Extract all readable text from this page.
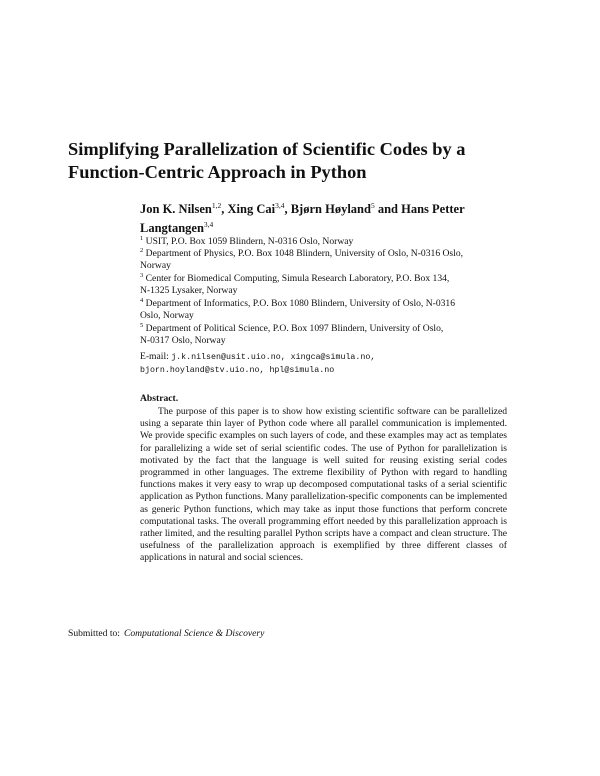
Simplifying Parallelization of Scientific Codes by a
Function-Centric Approach in Python
Jon K. Nilsen$^{1,2}$, Xing Cai$^{3,4}$, Bjørn Høyland$^5$ and Hans Petter Langtangen$^{3,4}$
$^1$ USIT, P.O. Box 1059 Blindern, N-0316 Oslo, Norway
$^2$ Department of Physics, P.O. Box 1048 Blindern, University of Oslo, N-0316 Oslo,
Norway
$^3$ Center for Biomedical Computing, Simula Research Laboratory, P.O. Box 134,
N-1325 Lysaker, Norway
$^4$ Department of Informatics, P.O. Box 1080 Blindern, University of Oslo, N-0316
Oslo, Norway
$^5$ Department of Political Science, P.O. Box 1097 Blindern, University of Oslo,
N-0317 Oslo, Norway
E-mail: j.k.nilsen@usit.uio.no, xingca@simula.no,
bjorn.hoyland@stv.uio.no, hpl@simula.no
Abstract.

The purpose of this paper is to show how existing scientific software can be parallelized using a separate thin layer of Python code where all parallel communication is implemented. We provide specific examples on such layers of code, and these examples may act as templates for parallelizing a wide set of serial scientific codes. The use of Python for parallelization is motivated by the fact that the language is well suited for reusing existing serial codes programmed in other languages. The extreme flexibility of Python with regard to handling functions makes it very easy to wrap up decomposed computational tasks of a serial scientific application as Python functions. Many parallelization-specific components can be implemented as generic Python functions, which may take as input those functions that perform concrete computational tasks. The overall programming effort needed by this parallelization approach is rather limited, and the resulting parallel Python scripts have a compact and clean structure. The usefulness of the parallelization approach is exemplified by three different classes of applications in natural and social sciences.

Submitted to: Computational Science & Discovery
